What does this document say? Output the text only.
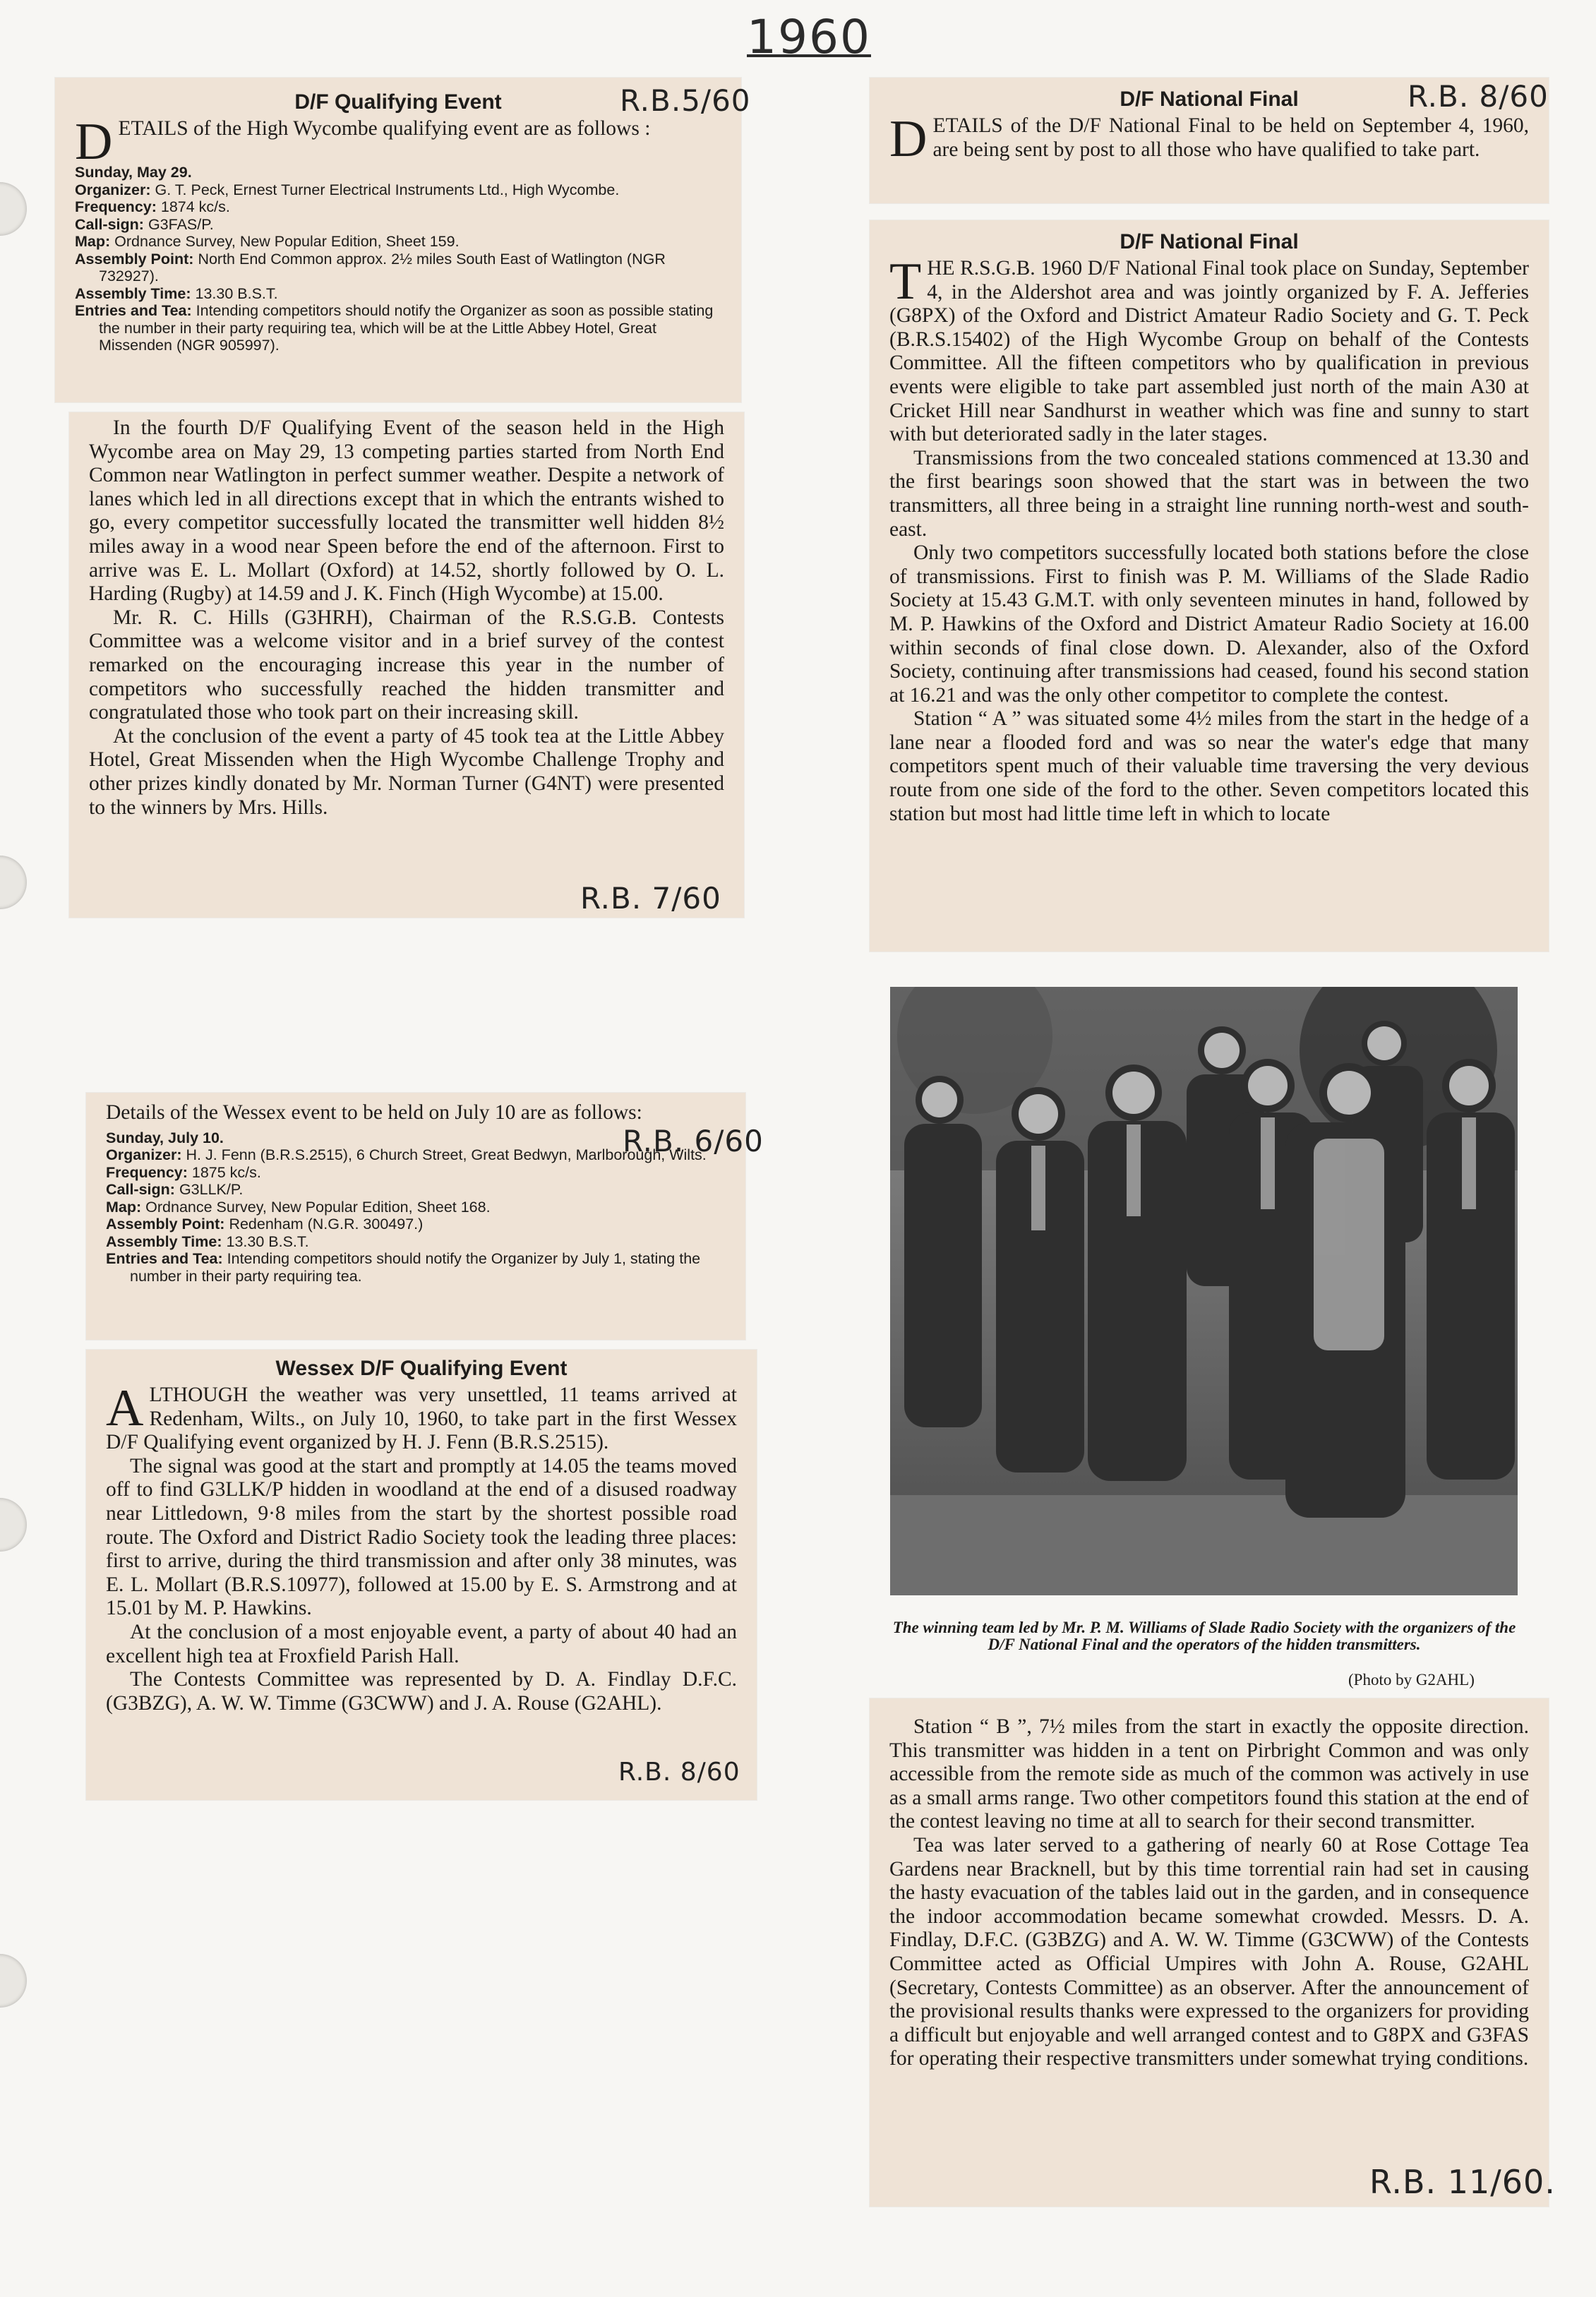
1960
D/F Qualifying Event
D ETAILS of the High Wycombe qualifying event are as follows :
Sunday, May 29.
Organizer: G. T. Peck, Ernest Turner Electrical Instruments Ltd., High Wycombe.
Frequency: 1874 kc/s.
Call-sign: G3FAS/P.
Map: Ordnance Survey, New Popular Edition, Sheet 159.
Assembly Point: North End Common approx. 2½ miles South East of Watlington (NGR 732927).
Assembly Time: 13.30 B.S.T.
Entries and Tea: Intending competitors should notify the Organizer as soon as possible stating the number in their party requiring tea, which will be at the Little Abbey Hotel, Great Missenden (NGR 905997).
R.B.5/60

In the fourth D/F Qualifying Event of the season held in the High Wycombe area on May 29, 13 competing parties started from North End Common near Watlington in perfect summer weather. Despite a network of lanes which led in all directions except that in which the entrants wished to go, every competitor successfully located the transmitter well hidden 8½ miles away in a wood near Speen before the end of the afternoon. First to arrive was E. L. Mollart (Oxford) at 14.52, shortly followed by O. L. Harding (Rugby) at 14.59 and J. K. Finch (High Wycombe) at 15.00.

Mr. R. C. Hills (G3HRH), Chairman of the R.S.G.B. Contests Committee was a welcome visitor and in a brief survey of the contest remarked on the encouraging increase this year in the number of competitors who successfully reached the hidden transmitter and congratulated those who took part on their increasing skill.

At the conclusion of the event a party of 45 took tea at the Little Abbey Hotel, Great Missenden when the High Wycombe Challenge Trophy and other prizes kindly donated by Mr. Norman Turner (G4NT) were presented to the winners by Mrs. Hills.

R.B. 7/60
Details of the Wessex event to be held on July 10 are as follows:
Sunday, July 10.
Organizer: H. J. Fenn (B.R.S.2515), 6 Church Street, Great Bedwyn, Marlborough, Wilts.
Frequency: 1875 kc/s.
Call-sign: G3LLK/P.
Map: Ordnance Survey, New Popular Edition, Sheet 168.
Assembly Point: Redenham (N.G.R. 300497.)
Assembly Time: 13.30 B.S.T.
Entries and Tea: Intending competitors should notify the Organizer by July 1, stating the number in their party requiring tea.
R.B. 6/60
Wessex D/F Qualifying Event

ALTHOUGH the weather was very unsettled, 11 teams arrived at Redenham, Wilts., on July 10, 1960, to take part in the first Wessex D/F Qualifying event organized by H. J. Fenn (B.R.S.2515).

The signal was good at the start and promptly at 14.05 the teams moved off to find G3LLK/P hidden in woodland at the end of a disused roadway near Littledown, 9·8 miles from the start by the shortest possible road route. The Oxford and District Radio Society took the leading three places: first to arrive, during the third transmission and after only 38 minutes, was E. L. Mollart (B.R.S.10977), followed at 15.00 by E. S. Armstrong and at 15.01 by M. P. Hawkins.

At the conclusion of a most enjoyable event, a party of about 40 had an excellent high tea at Froxfield Parish Hall.

The Contests Committee was represented by D. A. Findlay D.F.C. (G3BZG), A. W. W. Timme (G3CWW) and J. A. Rouse (G2AHL).

R.B. 8/60
D/F National Final
D ETAILS of the D/F National Final to be held on September 4, 1960, are being sent by post to all those who have qualified to take part.
R.B. 8/60
D/F National Final

THE R.S.G.B. 1960 D/F National Final took place on Sunday, September 4, in the Aldershot area and was jointly organized by F. A. Jefferies (G8PX) of the Oxford and District Amateur Radio Society and G. T. Peck (B.R.S.15402) of the High Wycombe Group on behalf of the Contests Committee. All the fifteen competitors who by qualification in previous events were eligible to take part assembled just north of the main A30 at Cricket Hill near Sandhurst in weather which was fine and sunny to start with but deteriorated sadly in the later stages.

Transmissions from the two concealed stations commenced at 13.30 and the first bearings soon showed that the start was in between the two transmitters, all three being in a straight line running north-west and south-east.

Only two competitors successfully located both stations before the close of transmissions. First to finish was P. M. Williams of the Slade Radio Society at 15.43 G.M.T. with only seventeen minutes in hand, followed by M. P. Hawkins of the Oxford and District Amateur Radio Society at 16.00 within seconds of final close down. D. Alexander, also of the Oxford Society, continuing after transmissions had ceased, found his second station at 16.21 and was the only other competitor to complete the contest.

Station “ A ” was situated some 4½ miles from the start in the hedge of a lane near a flooded ford and was so near the water's edge that many competitors spent much of their valuable time traversing the very devious route from one side of the ford to the other. Seven competitors located this station but most had little time left in which to locate

The winning team led by Mr. P. M. Williams of Slade Radio Society with the organizers of the D/F National Final and the operators of the hidden transmitters.
(Photo by G2AHL)

Station “ B ”, 7½ miles from the start in exactly the opposite direction. This transmitter was hidden in a tent on Pirbright Common and was only accessible from the remote side as much of the common was actively in use as a small arms range. Two other competitors found this station at the end of the contest leaving no time at all to search for their second transmitter.

Tea was later served to a gathering of nearly 60 at Rose Cottage Tea Gardens near Bracknell, but by this time torrential rain had set in causing the hasty evacuation of the tables laid out in the garden, and in consequence the indoor accommodation became somewhat crowded. Messrs. D. A. Findlay, D.F.C. (G3BZG) and A. W. W. Timme (G3CWW) of the Contests Committee acted as Official Umpires with John A. Rouse, G2AHL (Secretary, Contests Committee) as an observer. After the announcement of the provisional results thanks were expressed to the organizers for providing a difficult but enjoyable and well arranged contest and to G8PX and G3FAS for operating their respective transmitters under somewhat trying conditions.

R.B. 11/60.
